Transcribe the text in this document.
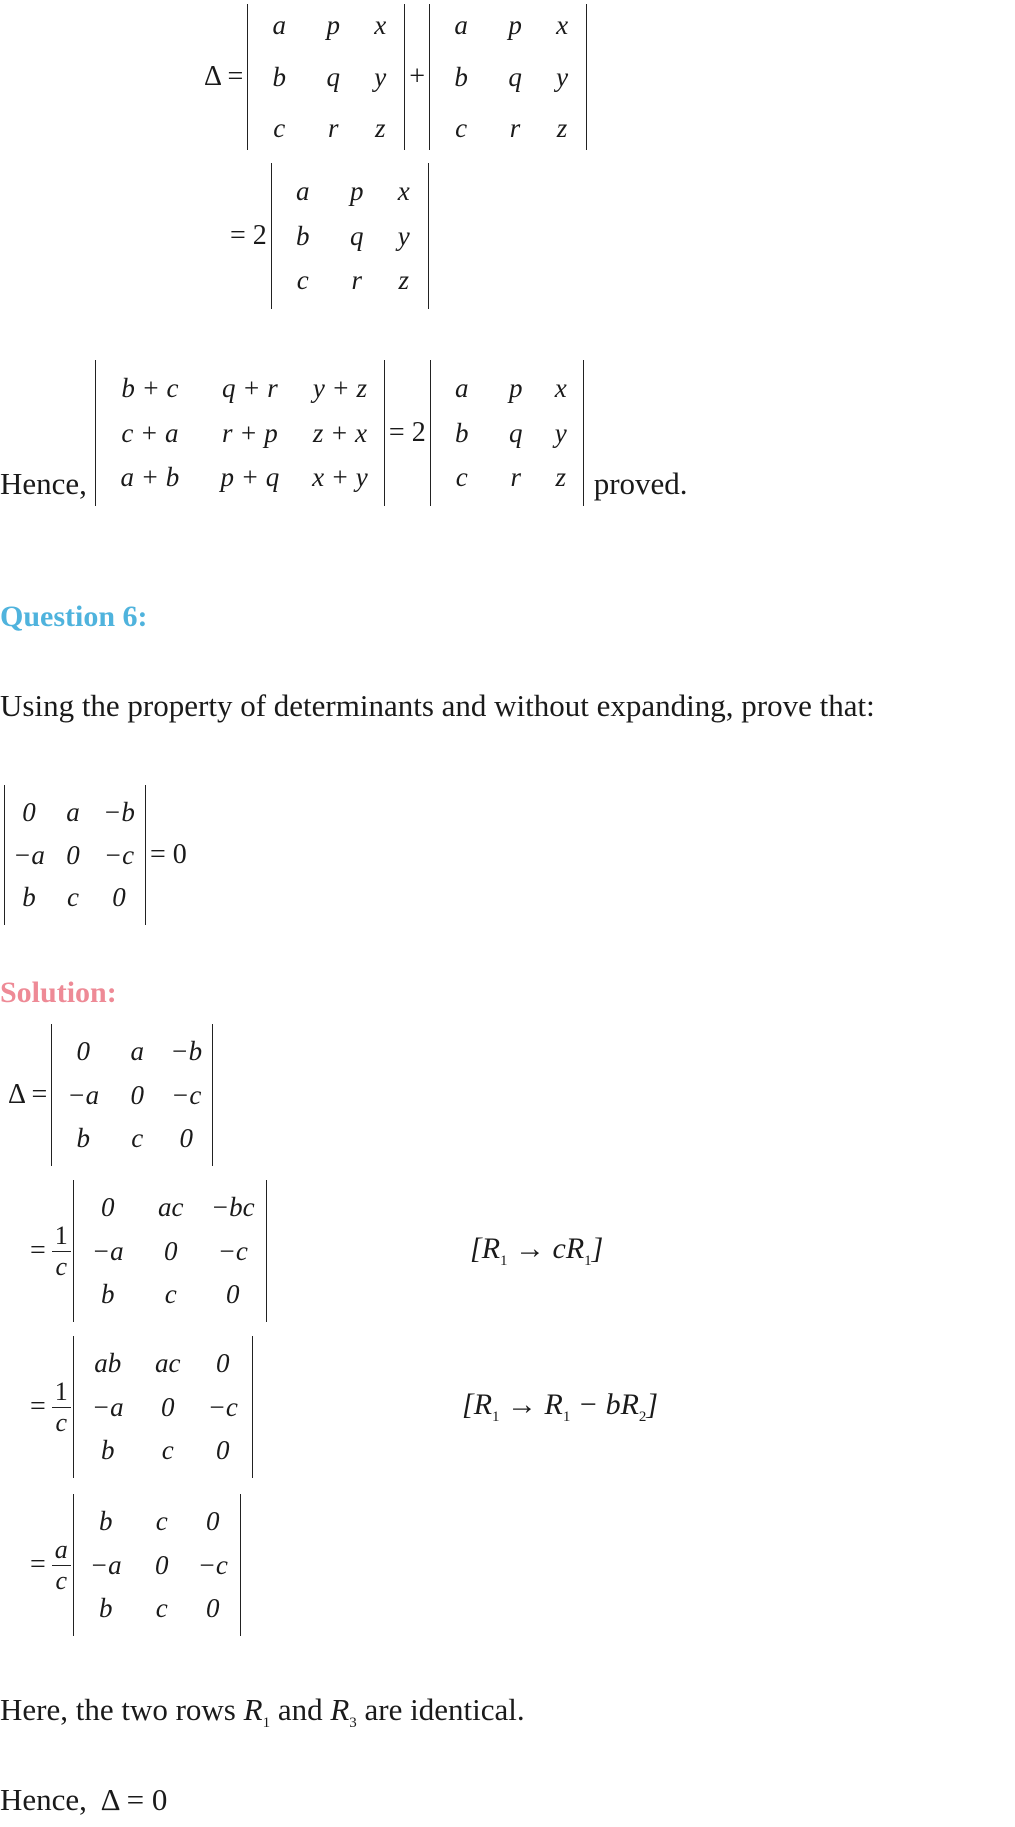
Δ =
a	p	x
b	q	y
c	r	z
+
a	p	x
b	q	y
c	r	z
= 2
a	p	x
b	q	y
c	r	z
Hence,
b + c	q + r	y + z
c + a	r + p	z + x
a + b	p + q	x + y
= 2
a	p	x
b	q	y
c	r	z proved.
Question 6:
Using the property of determinants and without expanding, prove that:
0	a −b
−a 0 −c
b	c	0
= 0
Solution:
Δ =
0	a −b
−a	0	−c
b	c	0
= $\frac{1}{c}$
0	ac	−bc
−a	0	−c
b	c	0
$[R_1 \to cR_1]$
= $\frac{1}{c}$
ab	ac	0
−a	0	−c
b	c	0
$[R_1 \to R_1 - bR_2]$
= $\frac{a}{c}$
b	c	0
−a	0	−c
b	c	0
Here, the two rows $R_1$ and $R_3$ are identical.
Hence, Δ = 0
